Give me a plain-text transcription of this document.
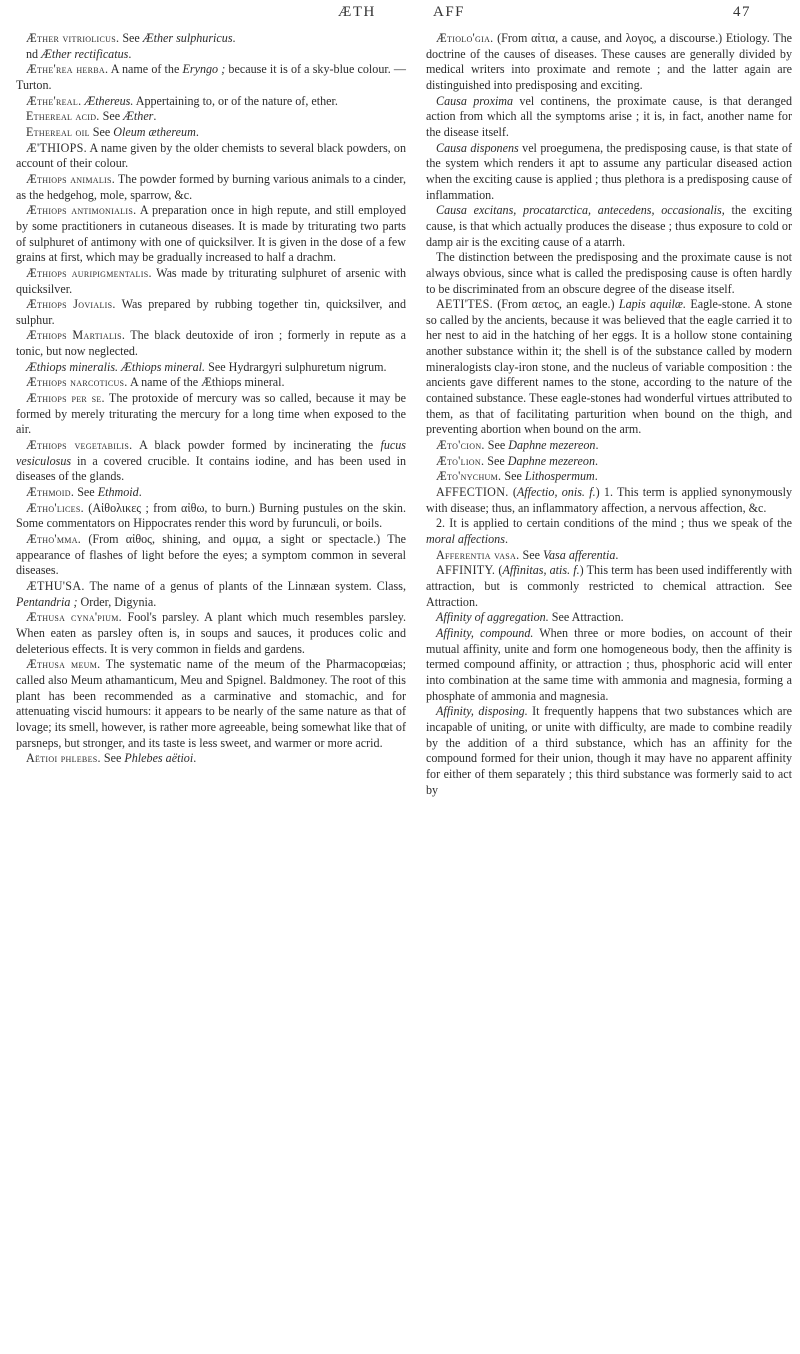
ÆTH	AFF	47

Æther vitriolicus. See Æther sulphuricus.

nd Æther rectificatus.

Æthe'rea herba. A name of the Eryngo ; because it is of a sky-blue colour. — Turton.

Æthe'real. Æthereus. Appertaining to, or of the nature of, ether.

Ethereal acid. See Æther.

Ethereal oil See Oleum æthereum.

Æ'THIOPS. A name given by the older chemists to several black powders, on account of their colour.

Æthiops animalis. The powder formed by burning various animals to a cinder, as the hedgehog, mole, sparrow, &c.

Æthiops antimonialis. A preparation once in high repute, and still employed by some practitioners in cutaneous diseases. It is made by triturating two parts of sulphuret of antimony with one of quicksilver. It is given in the dose of a few grains at first, which may be gradually increased to half a drachm.

Æthiops auripigmentalis. Was made by triturating sulphuret of arsenic with quicksilver.

Æthiops Jovialis. Was prepared by rubbing together tin, quicksilver, and sulphur.

Æthiops Martialis. The black deutoxide of iron ; formerly in repute as a tonic, but now neglected.

Æthiops mineralis. Æthiops mineral. See Hydrargyri sulphuretum nigrum.

Æthiops narcoticus. A name of the Æthiops mineral.

Æthiops per se. The protoxide of mercury was so called, because it may be formed by merely triturating the mercury for a long time when exposed to the air.

Æthiops vegetabilis. A black powder formed by incinerating the fucus vesiculosus in a covered crucible. It contains iodine, and has been used in diseases of the glands.

Æthmoid. See Ethmoid.

Ætho'lices. (Αἰθολικες ; from αἰθω, to burn.) Burning pustules on the skin. Some commentators on Hippocrates render this word by furunculi, or boils.

Ætho'mma. (From αἰθος, shining, and ομμα, a sight or spectacle.) The appearance of flashes of light before the eyes; a symptom common in several diseases.

ÆTHU'SA. The name of a genus of plants of the Linnæan system. Class, Pentandria ; Order, Digynia.

Æthusa cyna'pium. Fool's parsley. A plant which much resembles parsley. When eaten as parsley often is, in soups and sauces, it produces colic and deleterious effects. It is very common in fields and gardens.

Æthusa meum. The systematic name of the meum of the Pharmacopœias; called also Meum athamanticum, Meu and Spignel. Baldmoney. The root of this plant has been recommended as a carminative and stomachic, and for attenuating viscid humours: it appears to be nearly of the same nature as that of lovage; its smell, however, is rather more agreeable, being somewhat like that of parsneps, but stronger, and its taste is less sweet, and warmer or more acrid.

Aëtioi phlebes. See Phlebes aëtioi.

Ætiolo'gia. (From αἰτια, a cause, and λογος, a discourse.) Etiology. The doctrine of the causes of diseases. These causes are generally divided by medical writers into proximate and remote ; and the latter again are distinguished into predisposing and exciting.

Causa proxima vel continens, the proximate cause, is that deranged action from which all the symptoms arise ; it is, in fact, another name for the disease itself.

Causa disponens vel proegumena, the predisposing cause, is that state of the system which renders it apt to assume any particular diseased action when the exciting cause is applied ; thus plethora is a predisposing cause of inflammation.

Causa excitans, procatarctica, antecedens, occasionalis, the exciting cause, is that which actually produces the disease ; thus exposure to cold or damp air is the exciting cause of a atarrh.

The distinction between the predisposing and the proximate cause is not always obvious, since what is called the predisposing cause is often hardly to be discriminated from an obscure degree of the disease itself.

AETI'TES. (From αετος, an eagle.) Lapis aquilæ. Eagle-stone. A stone so called by the ancients, because it was believed that the eagle carried it to her nest to aid in the hatching of her eggs. It is a hollow stone containing another substance within it; the shell is of the substance called by modern mineralogists clay-iron stone, and the nucleus of variable composition : the ancients gave different names to the stone, according to the nature of the contained substance. These eagle-stones had wonderful virtues attributed to them, as that of facilitating parturition when bound on the thigh, and preventing abortion when bound on the arm.

Æto'cion. See Daphne mezereon.

Æto'lion. See Daphne mezereon.

Æto'nychum. See Lithospermum.

AFFECTION. (Affectio, onis. f.) 1. This term is applied synonymously with disease; thus, an inflammatory affection, a nervous affection, &c.

2. It is applied to certain conditions of the mind ; thus we speak of the moral affections.

Afferentia vasa. See Vasa afferentia.

AFFINITY. (Affinitas, atis. f.) This term has been used indifferently with attraction, but is commonly restricted to chemical attraction. See Attraction.

Affinity of aggregation. See Attraction.

Affinity, compound. When three or more bodies, on account of their mutual affinity, unite and form one homogeneous body, then the affinity is termed compound affinity, or attraction ; thus, phosphoric acid will enter into combination at the same time with ammonia and magnesia, forming a phosphate of ammonia and magnesia.

Affinity, disposing. It frequently happens that two substances which are incapable of uniting, or unite with difficulty, are made to combine readily by the addition of a third substance, which has an affinity for the compound formed for their union, though it may have no apparent affinity for either of them separately ; this third substance was formerly said to act by
